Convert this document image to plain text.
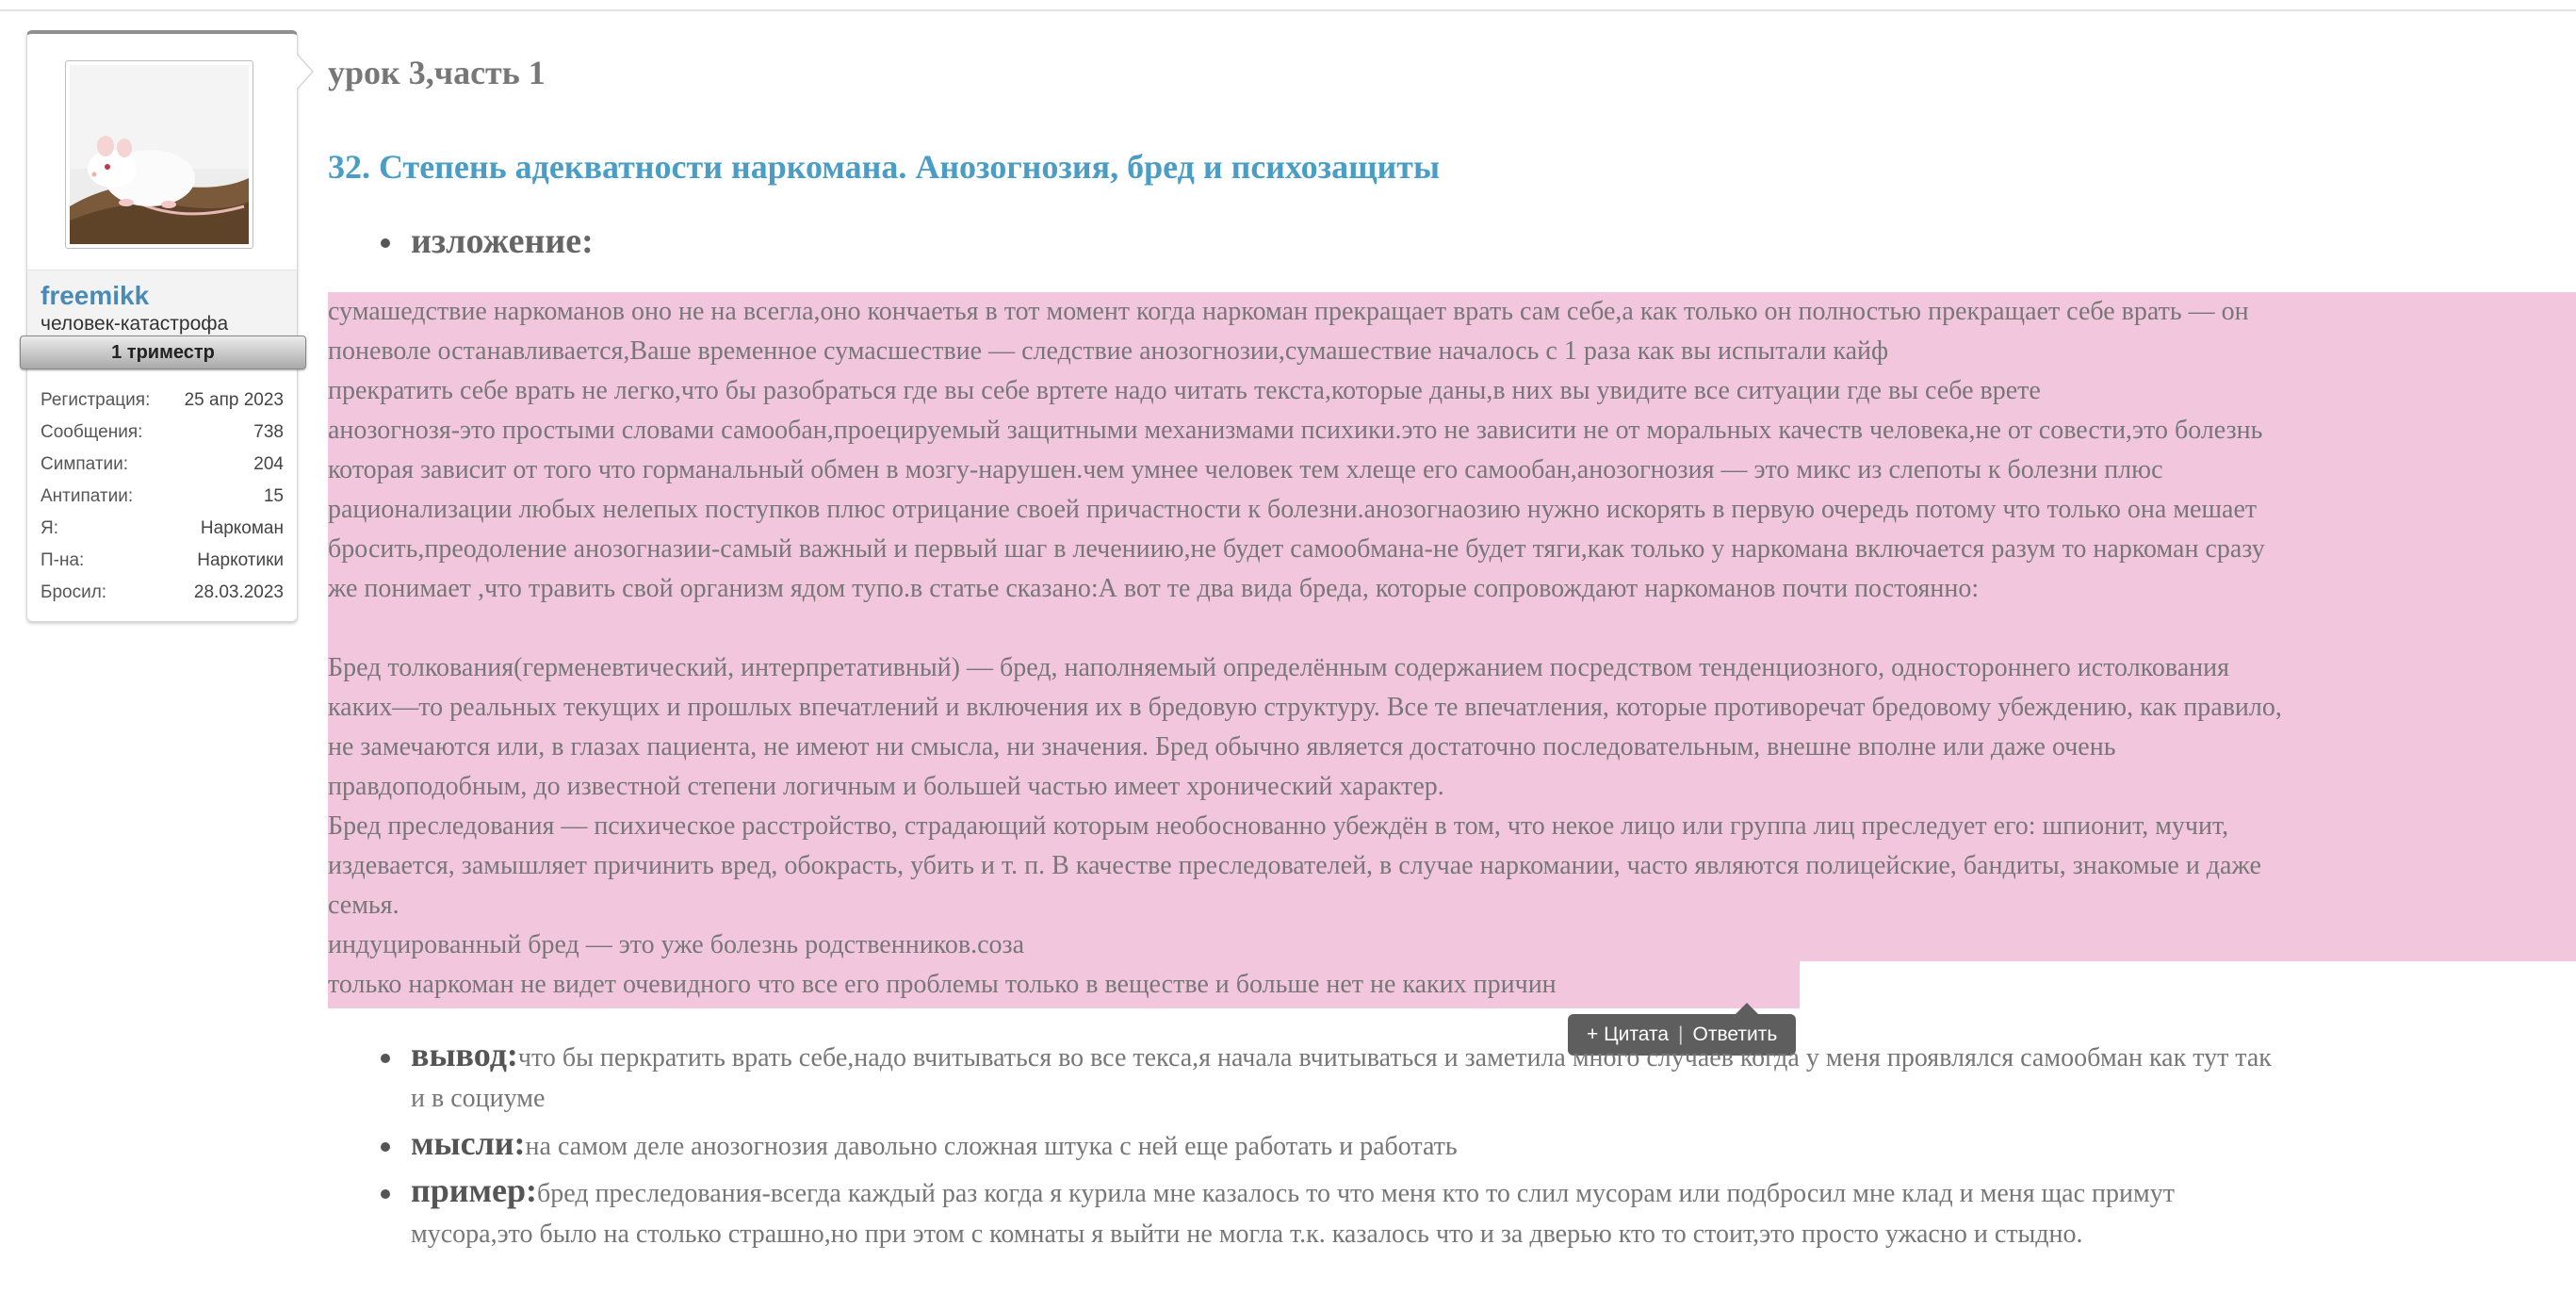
freemikk
человек-катастрофа
1 триместр
Регистрация: 25 апр 2023
Сообщения:	738
Симпатии:	204
Антипатии:	15
Я:	Наркоман
П-на:	Наркотики
Бросил:	28.03.2023
урок 3,часть 1
32. Степень адекватности наркомана. Анозогнозия, бред и психозащиты
изложение:
сумашедствие наркоманов оно не на всегла,оно кончаетья в тот момент когда наркоман прекращает врать сам себе,а как только он полностью прекращает себе врать — он
поневоле останавливается,Ваше временное сумасшествие — следствие анозогнозии,сумашествие началось с 1 раза как вы испытали кайф
прекратить себе врать не легко,что бы разобраться где вы себе вртете надо читать текста,которые даны,в них вы увидите все ситуации где вы себе врете
анозогнозя-это простыми словами самообан,проецируемый защитными механизмами психики.это не зависити не от моральных качеств человека,не от совести,это болезнь
которая зависит от того что горманальный обмен в мозгу-нарушен.чем умнее человек тем хлеще его самообан,анозогнозия — это микс из слепоты к болезни плюс
рационализации любых нелепых поступков плюс отрицание своей причастности к болезни.анозогнаозию нужно искорять в первую очередь потому что только она мешает
бросить,преодоление анозогназии-самый важный и первый шаг в лечениию,не будет самообмана-не будет тяги,как только у наркомана включается разум то наркоман сразу
же понимает ,что травить свой организм ядом тупо.в статье сказано:А вот те два вида бреда, которые сопровождают наркоманов почти постоянно:
Бред толкования(герменевтический, интерпретативный) — бред, наполняемый определённым содержанием посредством тенденциозного, одностороннего истолкования
каких—то реальных текущих и прошлых впечатлений и включения их в бредовую структуру. Все те впечатления, которые противоречат бредовому убеждению, как правило,
не замечаются или, в глазах пациента, не имеют ни смысла, ни значения. Бред обычно является достаточно последовательным, внешне вполне или даже очень
правдоподобным, до известной степени логичным и большей частью имеет хронический характер.
Бред преследования — психическое расстройство, страдающий которым необоснованно убеждён в том, что некое лицо или группа лиц преследует его: шпионит, мучит,
издевается, замышляет причинить вред, обокрасть, убить и т. п. В качестве преследователей, в случае наркомании, часто являются полицейские, бандиты, знакомые и даже
семья.
индуцированный бред — это уже болезнь родственников.соза
только наркоман не видет очевидного что все его проблемы только в веществе и больше нет не каких причин
+ Цитата | Ответить
вывод:что бы перкратить врать себе,надо вчитываться во все текса,я начала вчитываться и заметила много случаев когда у меня проявлялся самообман как тут так
и в социуме
мысли:на самом деле анозогнозия давольно сложная штука с ней еще работать и работать
пример:бред преследования-всегда каждый раз когда я курила мне казалось то что меня кто то слил мусорам или подбросил мне клад и меня щас примут
мусора,это было на столько страшно,но при этом с комнаты я выйти не могла т.к. казалось что и за дверью кто то стоит,это просто ужасно и стыдно.
